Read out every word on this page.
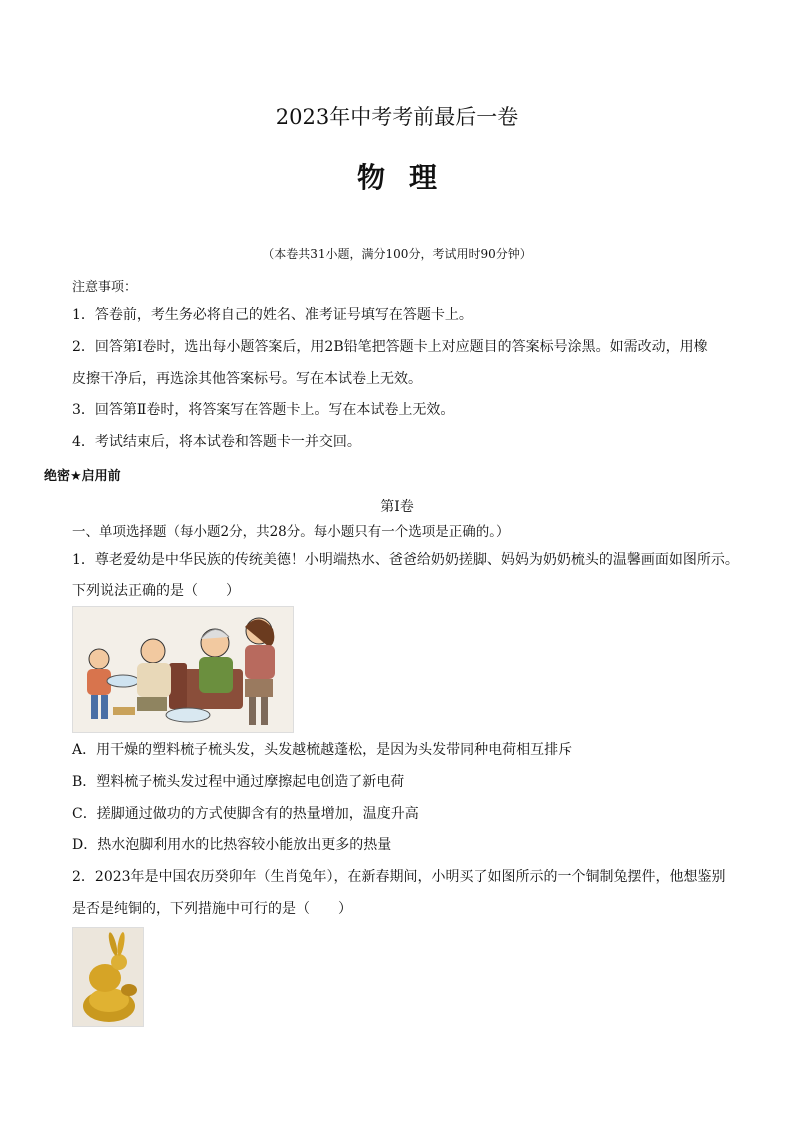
2023年中考考前最后一卷
物理
（本卷共31小题，满分100分，考试用时90分钟）
注意事项：
1．答卷前，考生务必将自己的姓名、准考证号填写在答题卡上。
2．回答第Ⅰ卷时，选出每小题答案后，用2B铅笔把答题卡上对应题目的答案标号涂黑。如需改动，用橡
皮擦干净后，再选涂其他答案标号。写在本试卷上无效。
3．回答第Ⅱ卷时，将答案写在答题卡上。写在本试卷上无效。
4．考试结束后，将本试卷和答题卡一并交回。
绝密★启用前
第Ⅰ卷
一、单项选择题（每小题2分，共28分。每小题只有一个选项是正确的。）
1．尊老爱幼是中华民族的传统美德！小明端热水、爸爸给奶奶搓脚、妈妈为奶奶梳头的温馨画面如图所示。
下列说法正确的是（　　）
A．用干燥的塑料梳子梳头发，头发越梳越蓬松，是因为头发带同种电荷相互排斥
B．塑料梳子梳头发过程中通过摩擦起电创造了新电荷
C．搓脚通过做功的方式使脚含有的热量增加，温度升高
D．热水泡脚利用水的比热容较小能放出更多的热量
2．2023年是中国农历癸卯年（生肖兔年），在新春期间，小明买了如图所示的一个铜制兔摆件，他想鉴别
是否是纯铜的，下列措施中可行的是（　　）
